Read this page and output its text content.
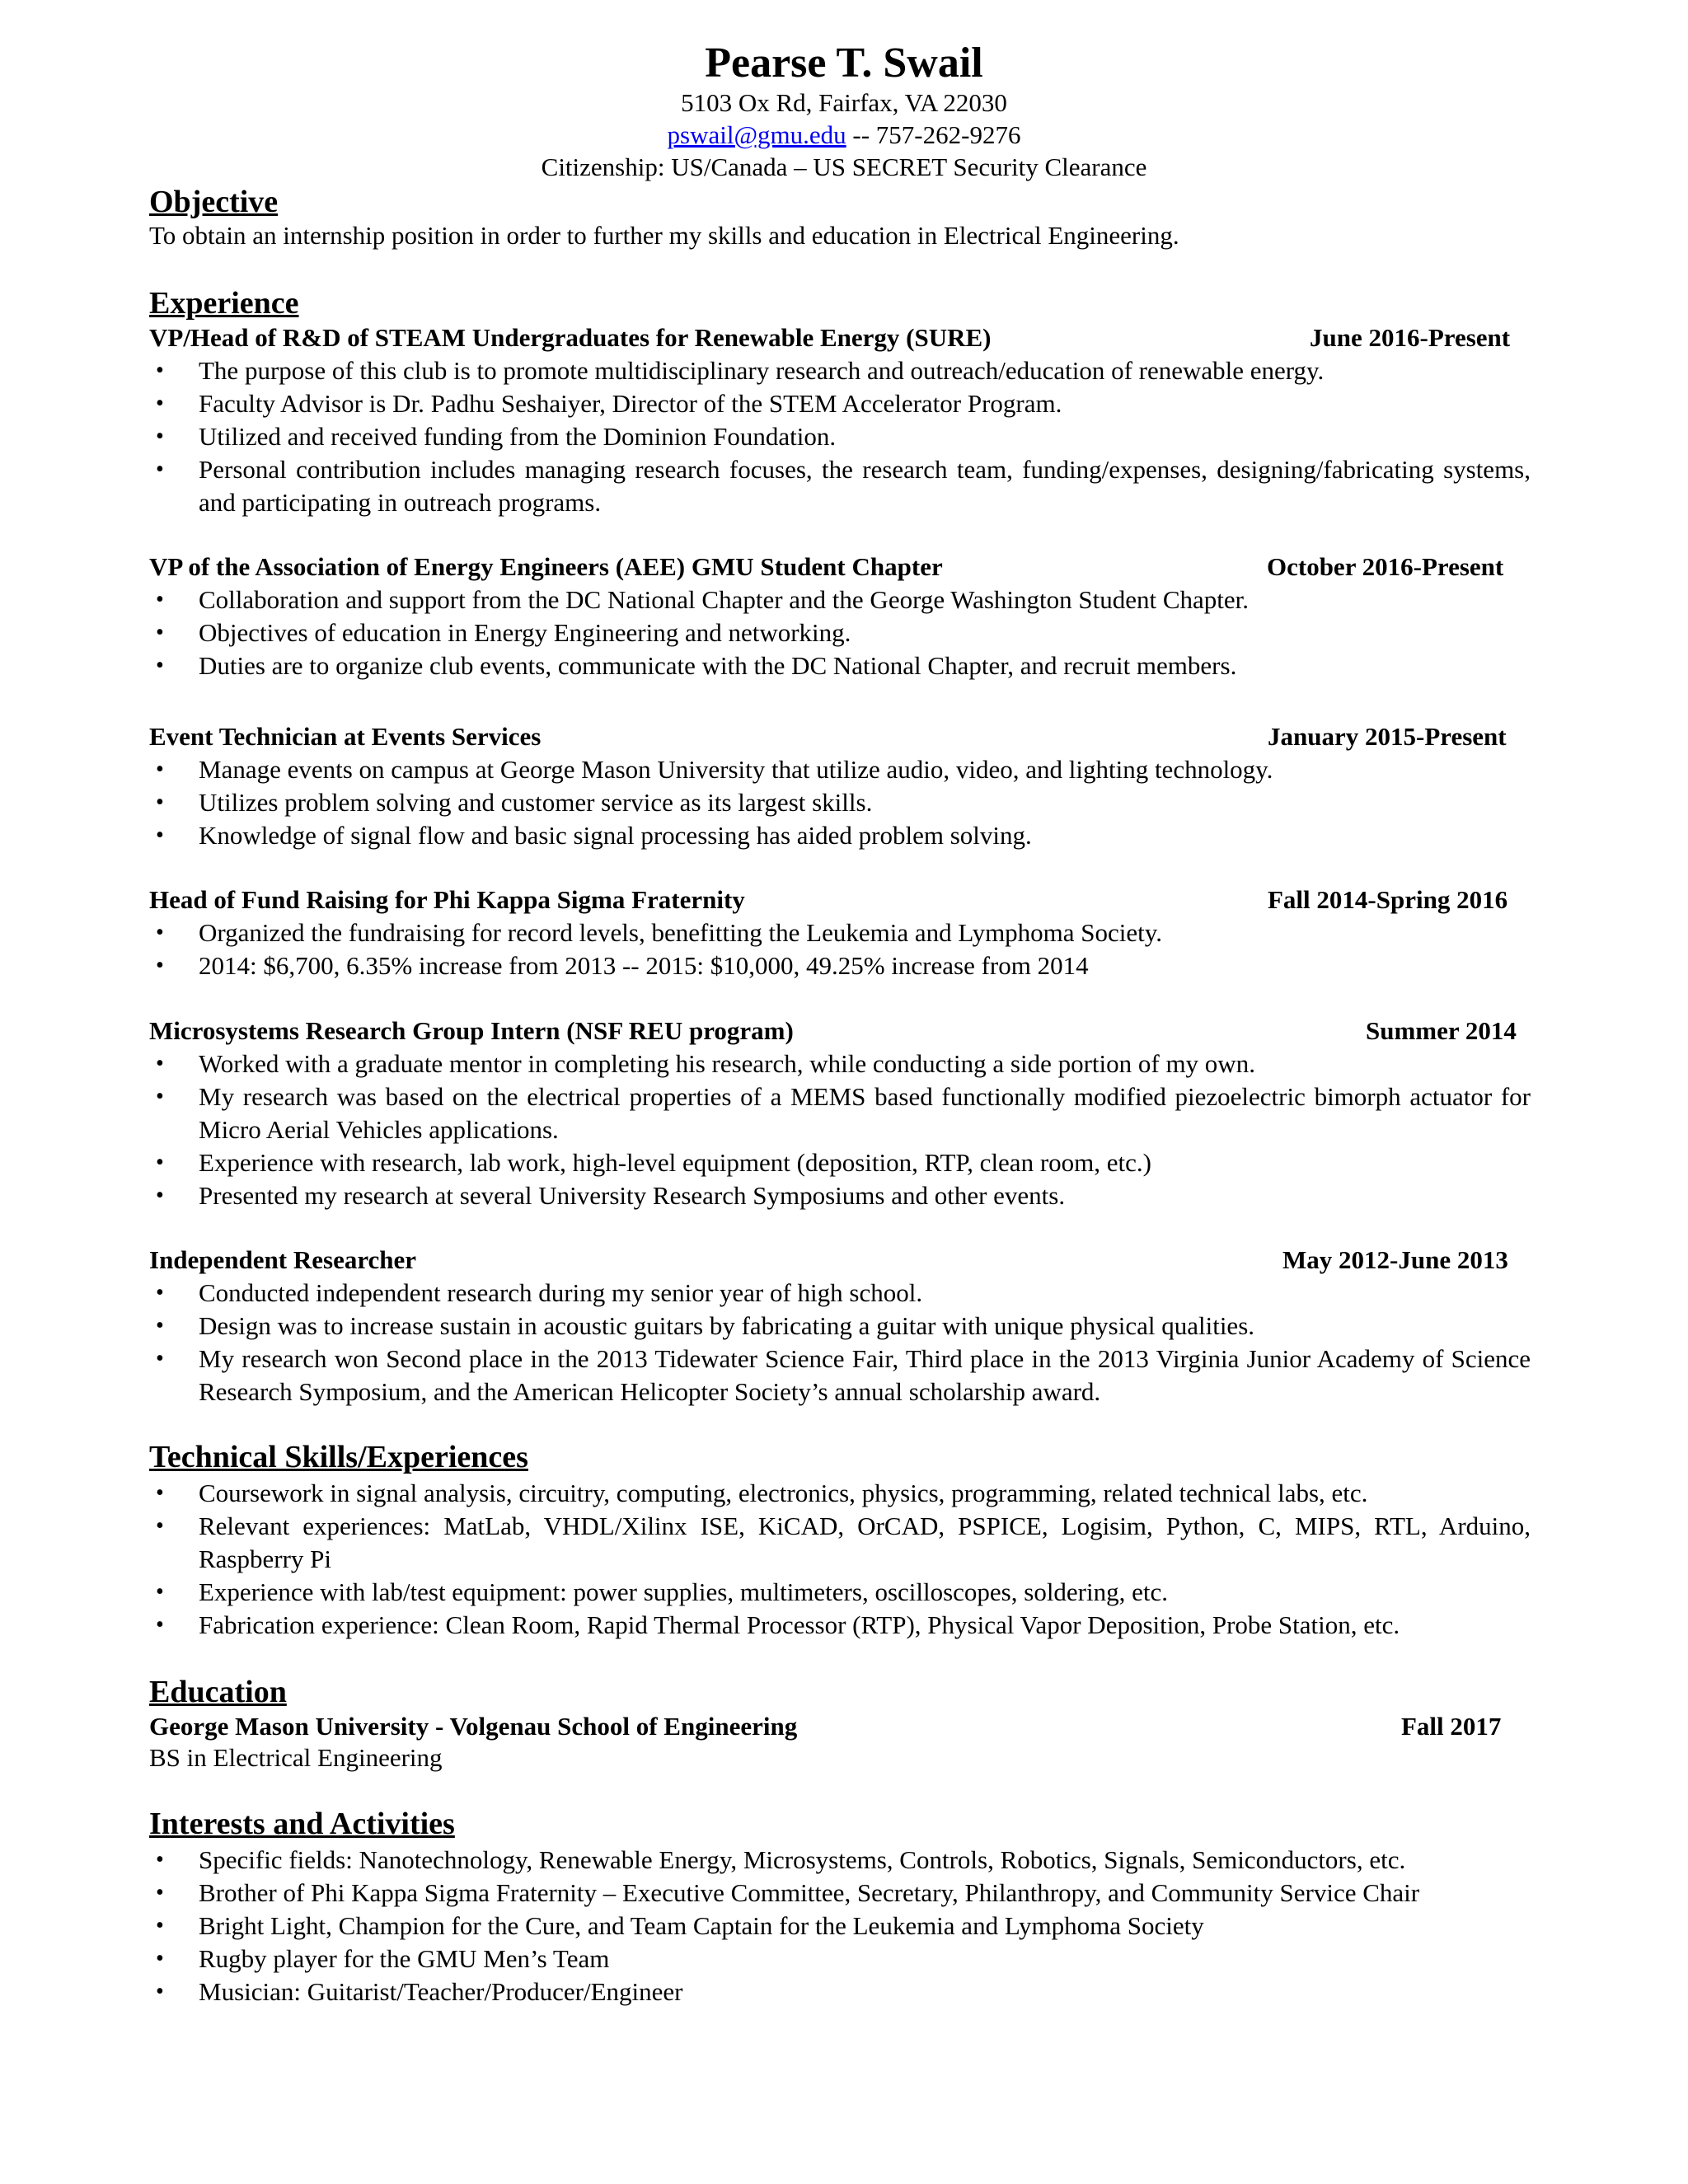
Pearse T. Swail
5103 Ox Rd, Fairfax, VA 22030
pswail@gmu.edu -- 757-262-9276
Citizenship: US/Canada – US SECRET Security Clearance
Objective
To obtain an internship position in order to further my skills and education in Electrical Engineering.
Experience
VP/Head of R&D of STEAM Undergraduates for Renewable Energy (SURE)	June 2016-Present
• The purpose of this club is to promote multidisciplinary research and outreach/education of renewable energy.
• Faculty Advisor is Dr. Padhu Seshaiyer, Director of the STEM Accelerator Program.
• Utilized and received funding from the Dominion Foundation.
• Personal contribution includes managing research focuses, the research team, funding/expenses, designing/fabricating systems, and participating in outreach programs.
VP of the Association of Energy Engineers (AEE) GMU Student Chapter	October 2016-Present
• Collaboration and support from the DC National Chapter and the George Washington Student Chapter.
• Objectives of education in Energy Engineering and networking.
• Duties are to organize club events, communicate with the DC National Chapter, and recruit members.
Event Technician at Events Services	January 2015-Present
• Manage events on campus at George Mason University that utilize audio, video, and lighting technology.
• Utilizes problem solving and customer service as its largest skills.
• Knowledge of signal flow and basic signal processing has aided problem solving.
Head of Fund Raising for Phi Kappa Sigma Fraternity	Fall 2014-Spring 2016
• Organized the fundraising for record levels, benefitting the Leukemia and Lymphoma Society.
• 2014: $6,700, 6.35% increase from 2013 -- 2015: $10,000, 49.25% increase from 2014
Microsystems Research Group Intern (NSF REU program)	Summer 2014
• Worked with a graduate mentor in completing his research, while conducting a side portion of my own.
• My research was based on the electrical properties of a MEMS based functionally modified piezoelectric bimorph actuator for Micro Aerial Vehicles applications.
• Experience with research, lab work, high-level equipment (deposition, RTP, clean room, etc.)
• Presented my research at several University Research Symposiums and other events.
Independent Researcher	May 2012-June 2013
• Conducted independent research during my senior year of high school.
• Design was to increase sustain in acoustic guitars by fabricating a guitar with unique physical qualities.
• My research won Second place in the 2013 Tidewater Science Fair, Third place in the 2013 Virginia Junior Academy of Science Research Symposium, and the American Helicopter Society’s annual scholarship award.
Technical Skills/Experiences
• Coursework in signal analysis, circuitry, computing, electronics, physics, programming, related technical labs, etc.
• Relevant experiences: MatLab, VHDL/Xilinx ISE, KiCAD, OrCAD, PSPICE, Logisim, Python, C, MIPS, RTL, Arduino, Raspberry Pi
• Experience with lab/test equipment: power supplies, multimeters, oscilloscopes, soldering, etc.
• Fabrication experience: Clean Room, Rapid Thermal Processor (RTP), Physical Vapor Deposition, Probe Station, etc.
Education
George Mason University - Volgenau School of Engineering	Fall 2017
BS in Electrical Engineering
Interests and Activities
• Specific fields: Nanotechnology, Renewable Energy, Microsystems, Controls, Robotics, Signals, Semiconductors, etc.
• Brother of Phi Kappa Sigma Fraternity – Executive Committee, Secretary, Philanthropy, and Community Service Chair
• Bright Light, Champion for the Cure, and Team Captain for the Leukemia and Lymphoma Society
• Rugby player for the GMU Men’s Team
• Musician: Guitarist/Teacher/Producer/Engineer
